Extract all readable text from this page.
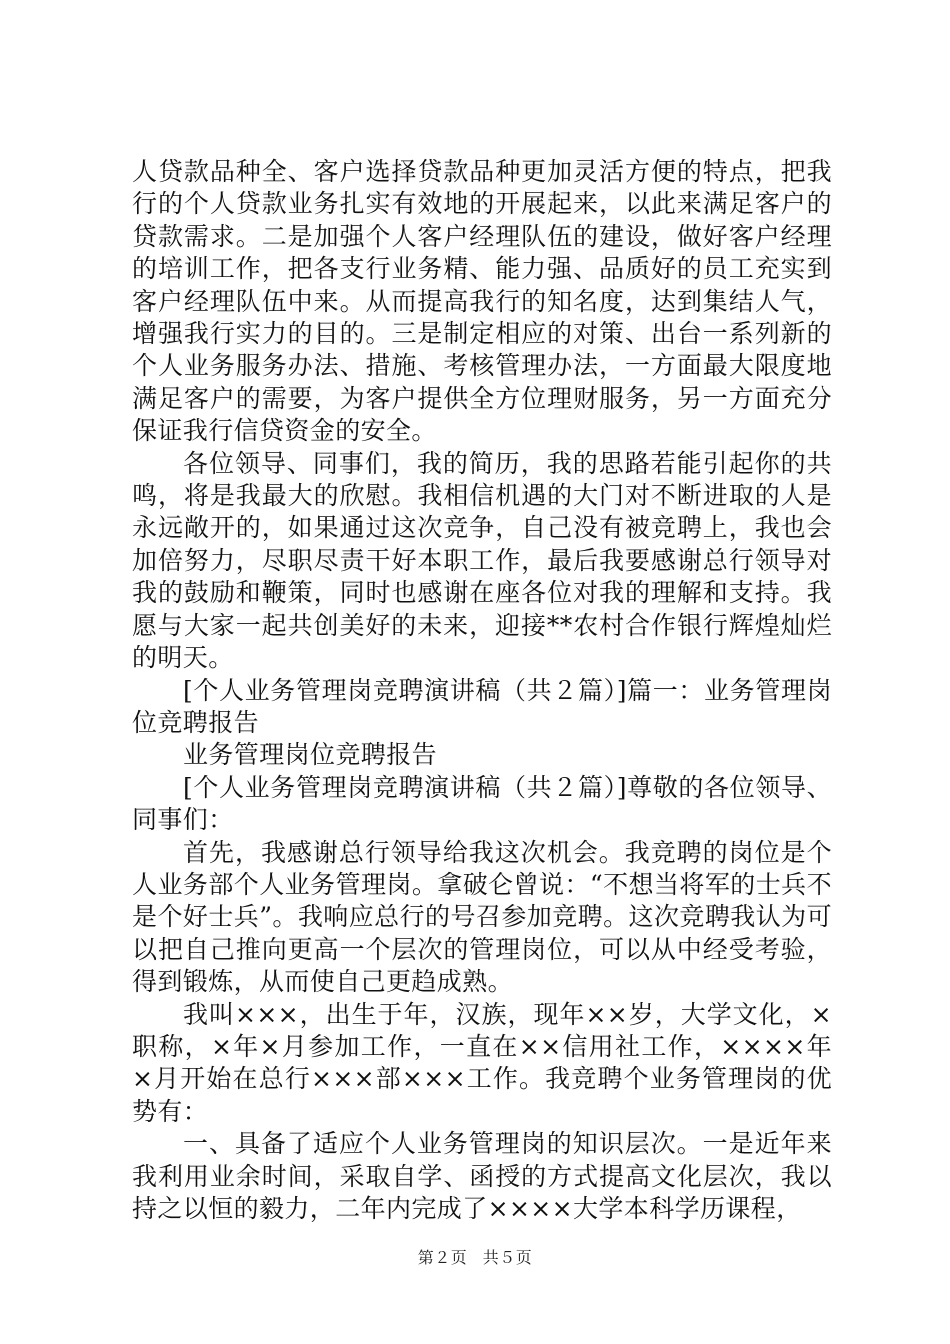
人贷款品种全、客户选择贷款品种更加灵活方便的特点，把我行的个人贷款业务扎实有效地的开展起来，以此来满足客户的贷款需求。二是加强个人客户经理队伍的建设，做好客户经理的培训工作，把各支行业务精、能力强、品质好的员工充实到客户经理队伍中来。从而提高我行的知名度，达到集结人气，增强我行实力的目的。三是制定相应的对策、出台一系列新的个人业务服务办法、措施、考核管理办法，一方面最大限度地满足客户的需要，为客户提供全方位理财服务，另一方面充分保证我行信贷资金的安全。

各位领导、同事们，我的简历，我的思路若能引起你的共鸣，将是我最大的欣慰。我相信机遇的大门对不断进取的人是永远敞开的，如果通过这次竞争，自己没有被竞聘上，我也会加倍努力，尽职尽责干好本职工作，最后我要感谢总行领导对我的鼓励和鞭策，同时也感谢在座各位对我的理解和支持。我愿与大家一起共创美好的未来，迎接**农村合作银行辉煌灿烂的明天。

[个人业务管理岗竞聘演讲稿（共２篇）]篇一：业务管理岗位竞聘报告

业务管理岗位竞聘报告

[个人业务管理岗竞聘演讲稿（共２篇）]尊敬的各位领导、同事们：

首先，我感谢总行领导给我这次机会。我竞聘的岗位是个人业务部个人业务管理岗。拿破仑曾说：“不想当将军的士兵不是个好士兵”。我响应总行的号召参加竞聘。这次竞聘我认为可以把自己推向更高一个层次的管理岗位，可以从中经受考验，得到锻炼，从而使自己更趋成熟。

我叫×××，出生于年，汉族，现年××岁，大学文化，×职称，×年×月参加工作，一直在××信用社工作，××××年×月开始在总行×××部×××工作。我竞聘个业务管理岗的优势有：

一、具备了适应个人业务管理岗的知识层次。一是近年来我利用业余时间，采取自学、函授的方式提高文化层次，我以持之以恒的毅力，二年内完成了××××大学本科学历课程，

第２页 共５页
